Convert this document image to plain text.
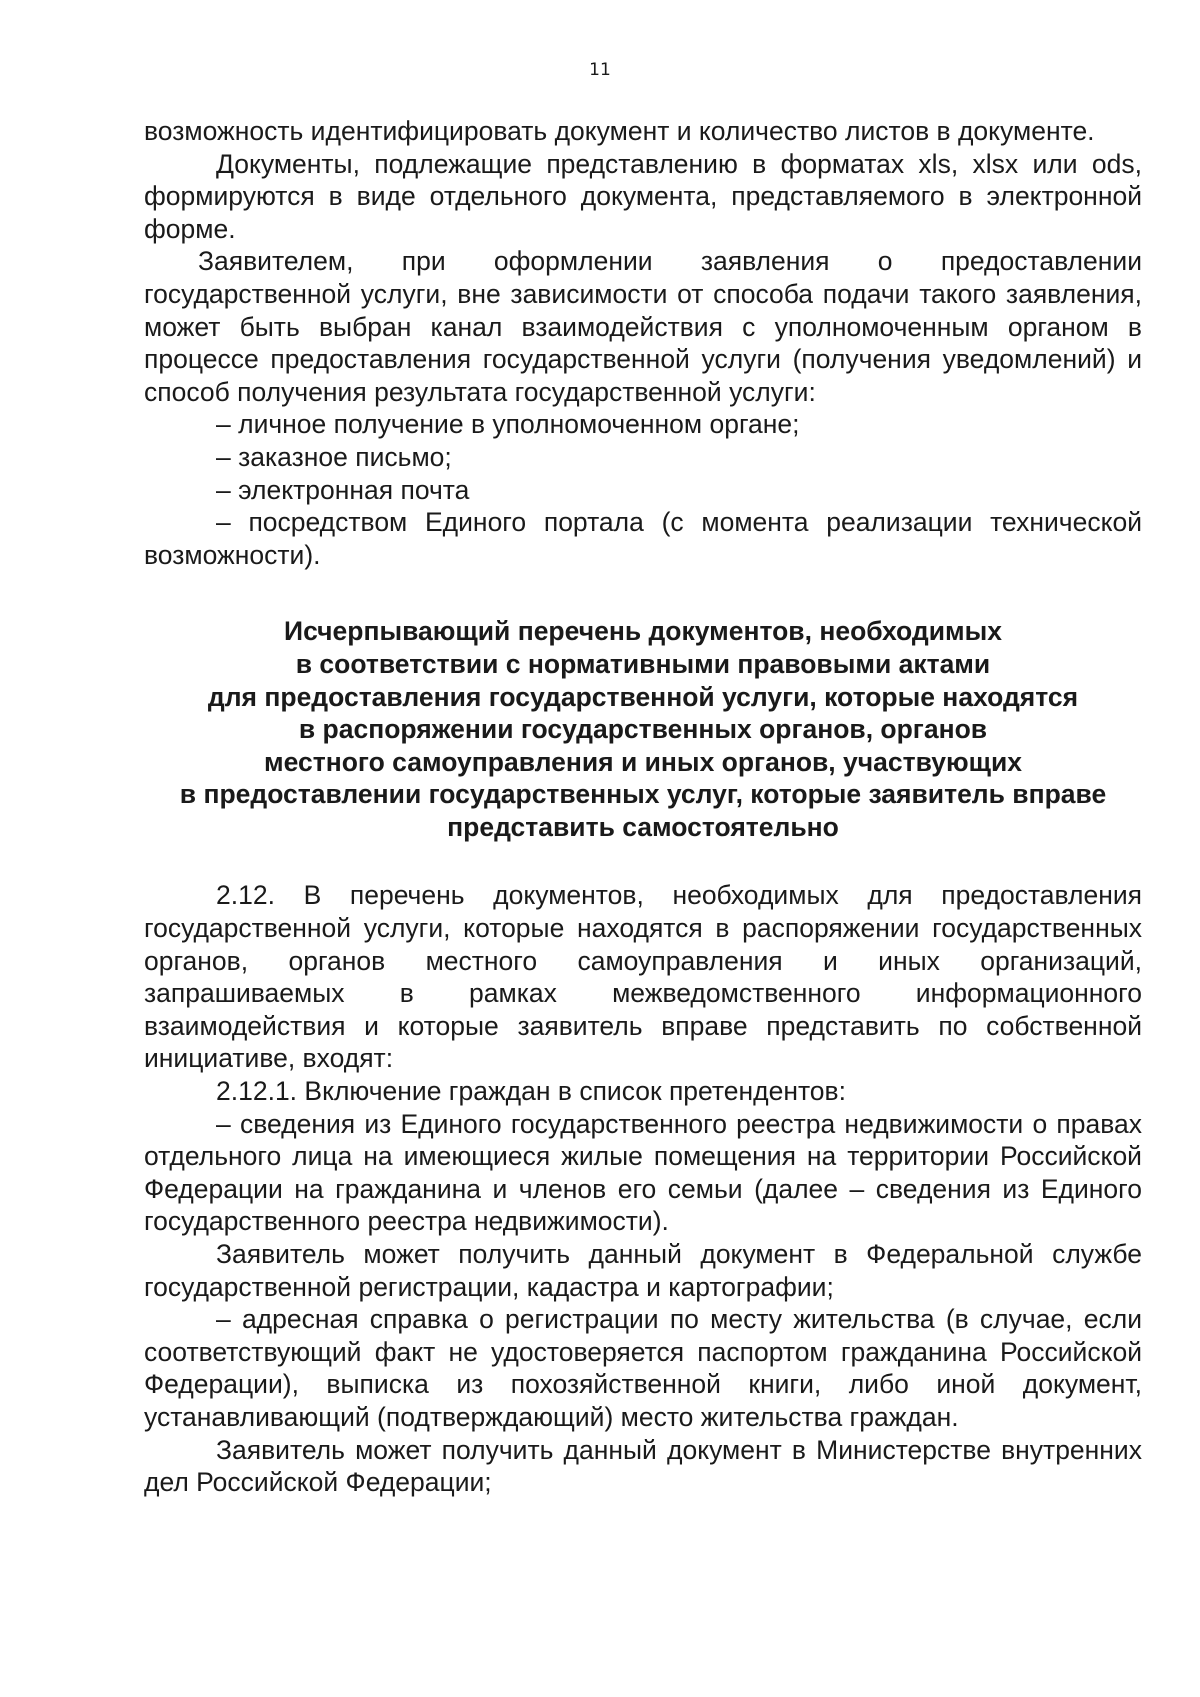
11

возможность идентифицировать документ и количество листов в документе.

Документы, подлежащие представлению в форматах xls, xlsx или ods, формируются в виде отдельного документа, представляемого в электронной форме.

Заявителем, при оформлении заявления о предоставлении государственной услуги, вне зависимости от способа подачи такого заявления, может быть выбран канал взаимодействия с уполномоченным органом в процессе предоставления государственной услуги (получения уведомлений) и способ получения результата государственной услуги:

– личное получение в уполномоченном органе;

– заказное письмо;

– электронная почта

– посредством Единого портала (с момента реализации технической возможности).

Исчерпывающий перечень документов, необходимых
в соответствии с нормативными правовыми актами
для предоставления государственной услуги, которые находятся
в распоряжении государственных органов, органов
местного самоуправления и иных органов, участвующих
в предоставлении государственных услуг, которые заявитель вправе
представить самостоятельно

2.12. В перечень документов, необходимых для предоставления государственной услуги, которые находятся в распоряжении государственных органов, органов местного самоуправления и иных организаций, запрашиваемых в рамках межведомственного информационного взаимодействия и которые заявитель вправе представить по собственной инициативе, входят:

2.12.1. Включение граждан в список претендентов:

– сведения из Единого государственного реестра недвижимости о правах отдельного лица на имеющиеся жилые помещения на территории Российской Федерации на гражданина и членов его семьи (далее – сведения из Единого государственного реестра недвижимости).

Заявитель может получить данный документ в Федеральной службе государственной регистрации, кадастра и картографии;

– адресная справка о регистрации по месту жительства (в случае, если соответствующий факт не удостоверяется паспортом гражданина Российской Федерации), выписка из похозяйственной книги, либо иной документ, устанавливающий (подтверждающий) место жительства граждан.

Заявитель может получить данный документ в Министерстве внутренних дел Российской Федерации;
